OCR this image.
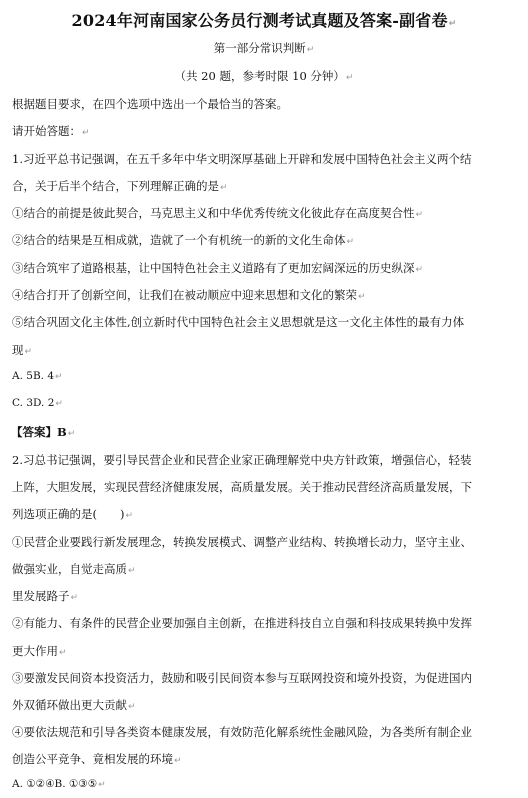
2024年河南国家公务员行测考试真题及答案-副省卷↵
第一部分常识判断↵
（共 20 题，参考时限 10 分钟）↵
根据题目要求，在四个选项中选出一个最恰当的答案。
请开始答题：↵
1.习近平总书记强调，在五千多年中华文明深厚基础上开辟和发展中国特色社会主义两个结
合，关于后半个结合，下列理解正确的是↵
①结合的前提是彼此契合，马克思主义和中华优秀传统文化彼此存在高度契合性↵
②结合的结果是互相成就，造就了一个有机统一的新的文化生命体↵
③结合筑牢了道路根基，让中国特色社会主义道路有了更加宏阔深远的历史纵深↵
④结合打开了创新空间，让我们在被动顺应中迎来思想和文化的繁荣↵
⑤结合巩固文化主体性,创立新时代中国特色社会主义思想就是这一文化主体性的最有力体
现↵
A. 5B. 4↵
C. 3D. 2↵
【答案】B↵
2.习总书记强调，要引导民营企业和民营企业家正确理解党中央方针政策，增强信心，轻装
上阵，大胆发展，实现民营经济健康发展，高质量发展。关于推动民营经济高质量发展，下
列选项正确的是(　　)↵
①民营企业要践行新发展理念，转换发展模式、调整产业结构、转换增长动力，坚守主业、
做强实业，自觉走高质↵
里发展路子↵
②有能力、有条件的民营企业要加强自主创新，在推进科技自立自强和科技成果转换中发挥
更大作用↵
③要激发民间资本投资活力，鼓励和吸引民间资本参与互联网投资和境外投资，为促进国内
外双循环做出更大贡献↵
④要依法规范和引导各类资本健康发展，有效防范化解系统性金融风险，为各类所有制企业
创造公平竞争、竟相发展的环境↵
A. ①②④B. ①③⑤↵
